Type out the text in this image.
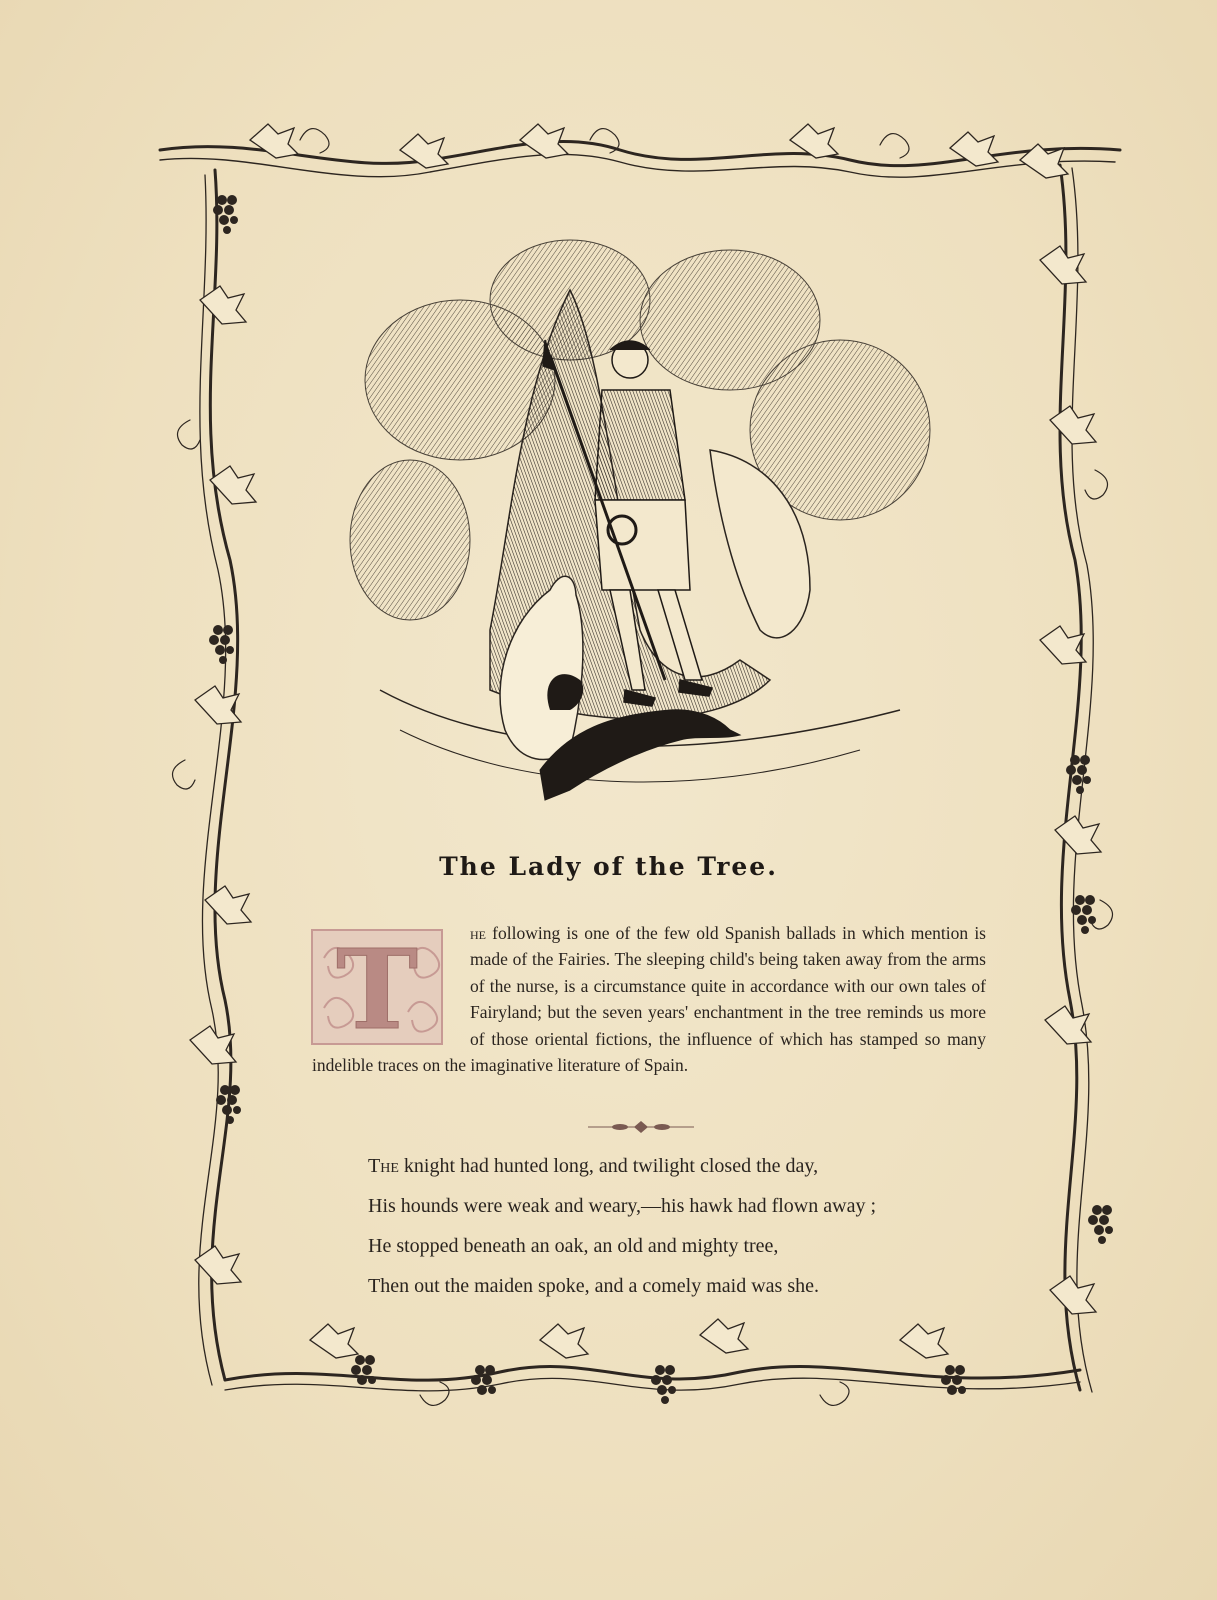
The Lady of the Tree.
T	he following is one of the few old Spanish ballads in which mention is made of the Fairies. The sleeping child's being taken away from the arms of the nurse, is a circumstance quite in accordance with our own tales of Fairyland; but the seven years' enchantment in the tree reminds us more of those oriental fictions, the influence of which has stamped so many indelible traces on the imaginative literature of Spain.
The knight had hunted long, and twilight closed the day,
His hounds were weak and weary,—his hawk had flown away ;
He stopped beneath an oak, an old and mighty tree,
Then out the maiden spoke, and a comely maid was she.
